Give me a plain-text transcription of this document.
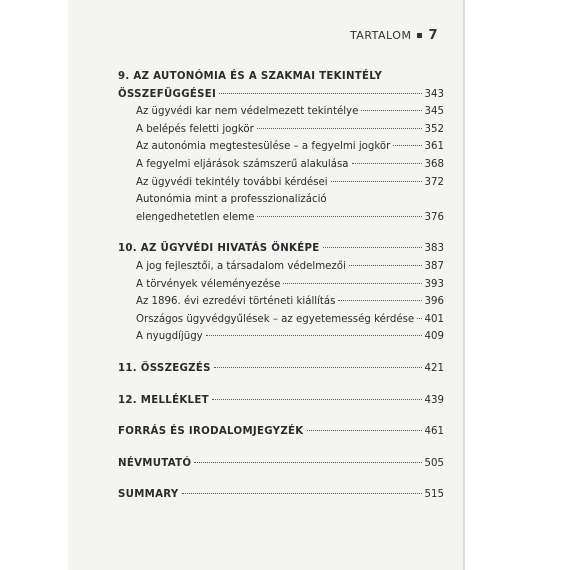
TARTALOM 7
9. AZ AUTONÓMIA ÉS A SZAKMAI TEKINTÉLY
ÖSSZEFÜGGÉSEI	343
Az ügyvédi kar nem védelmezett tekintélye	345
A belépés feletti jogkör	352
Az autonómia megtestesülése – a fegyelmi jogkör	361
A fegyelmi eljárások számszerű alakulása	368
Az ügyvédi tekintély további kérdései	372
Autonómia mint a professzionalizáció
elengedhetetlen eleme	376
10. AZ ÜGYVÉDI HIVATÁS ÖNKÉPE	383
A jog fejlesztői, a társadalom védelmezői	387
A törvények véleményezése	393
Az 1896. évi ezredévi történeti kiállítás	396
Országos ügyvédgyűlések – az egyetemesség kérdése 401
A nyugdíjügy	409
11. ÖSSZEGZÉS	421
12. MELLÉKLET	439
FORRÁS ÉS IRODALOMJEGYZÉK	461
NÉVMUTATÓ	505
SUMMARY	515
